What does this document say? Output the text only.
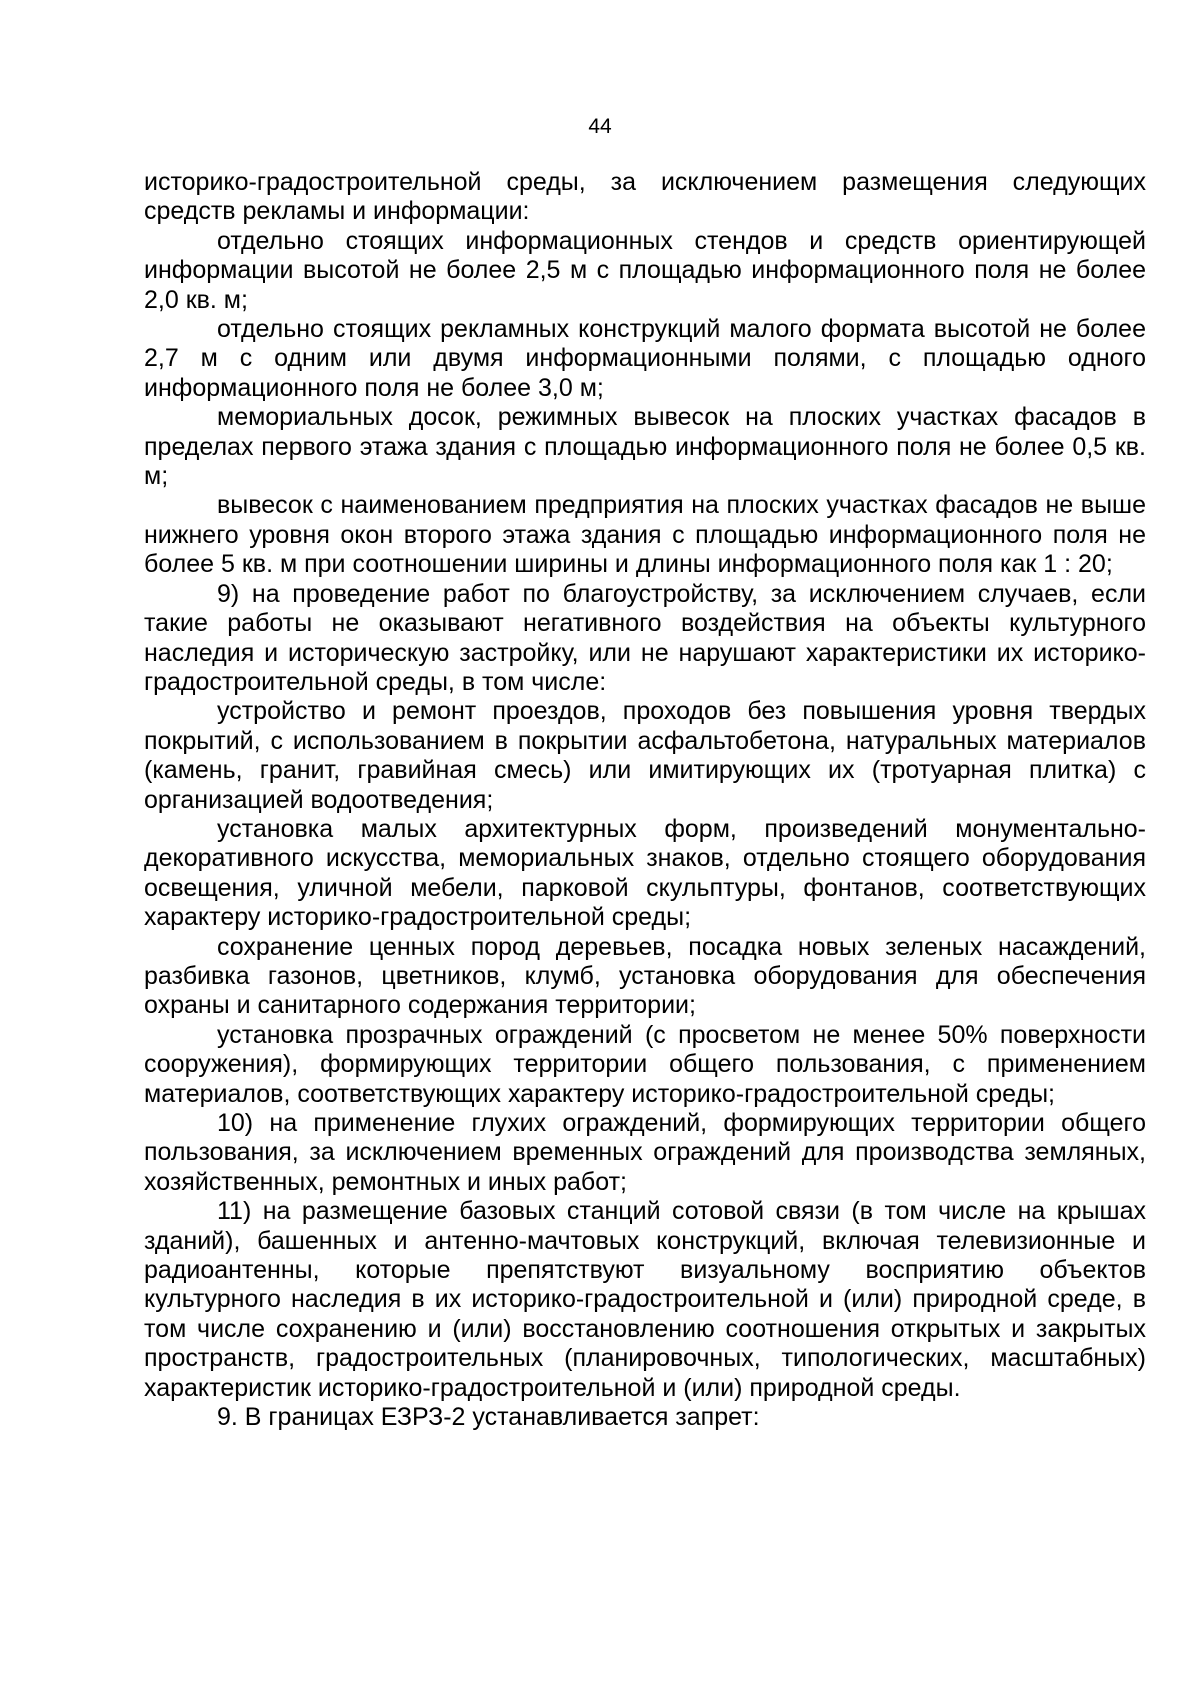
44

историко-градостроительной среды, за исключением размещения следующих средств рекламы и информации:

отдельно стоящих информационных стендов и средств ориентирующей информации высотой не более 2,5 м с площадью информационного поля не более 2,0 кв. м;

отдельно стоящих рекламных конструкций малого формата высотой не более 2,7 м с одним или двумя информационными полями, с площадью одного информационного поля не более 3,0 м;

мемориальных досок, режимных вывесок на плоских участках фасадов в пределах первого этажа здания с площадью информационного поля не более 0,5 кв. м;

вывесок с наименованием предприятия на плоских участках фасадов не выше нижнего уровня окон второго этажа здания с площадью информационного поля не более 5 кв. м при соотношении ширины и длины информационного поля как 1 : 20;

9) на проведение работ по благоустройству, за исключением случаев, если такие работы не оказывают негативного воздействия на объекты культурного наследия и историческую застройку, или не нарушают характеристики их историко-градостроительной среды, в том числе:

устройство и ремонт проездов, проходов без повышения уровня твердых покрытий, с использованием в покрытии асфальтобетона, натуральных материалов (камень, гранит, гравийная смесь) или имитирующих их (тротуарная плитка) с организацией водоотведения;

установка малых архитектурных форм, произведений монументально-декоративного искусства, мемориальных знаков, отдельно стоящего оборудования освещения, уличной мебели, парковой скульптуры, фонтанов, соответствующих характеру историко-градостроительной среды;

сохранение ценных пород деревьев, посадка новых зеленых насаждений, разбивка газонов, цветников, клумб, установка оборудования для обеспечения охраны и санитарного содержания территории;

установка прозрачных ограждений (с просветом не менее 50% поверхности сооружения), формирующих территории общего пользования, с применением материалов, соответствующих характеру историко-градостроительной среды;

10) на применение глухих ограждений, формирующих территории общего пользования, за исключением временных ограждений для производства земляных, хозяйственных, ремонтных и иных работ;

11) на размещение базовых станций сотовой связи (в том числе на крышах зданий), башенных и антенно-мачтовых конструкций, включая телевизионные и радиоантенны, которые препятствуют визуальному восприятию объектов культурного наследия в их историко-градостроительной и (или) природной среде, в том числе сохранению и (или) восстановлению соотношения открытых и закрытых пространств, градостроительных (планировочных, типологических, масштабных) характеристик историко-градостроительной и (или) природной среды.

9. В границах ЕЗРЗ-2 устанавливается запрет:
